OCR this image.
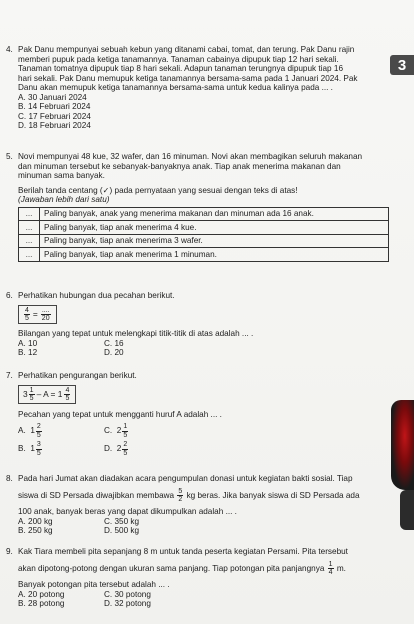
4. Pak Danu mempunyai sebuah kebun yang ditanami cabai, tomat, dan terung. Pak Danu rajin

memberi pupuk pada ketiga tanamannya. Tanaman cabainya dipupuk tiap 12 hari sekali.

Tanaman tomatnya dipupuk tiap 8 hari sekali. Adapun tanaman terungnya dipupuk tiap 16

hari sekali. Pak Danu memupuk ketiga tanamannya bersama-sama pada 1 Januari 2024. Pak

Danu akan memupuk ketiga tanamannya bersama-sama untuk kedua kalinya pada ... .

A. 30 Januari 2024
B. 14 Februari 2024
C. 17 Februari 2024
D. 18 Februari 2024
5. Novi mempunyai 48 kue, 32 wafer, dan 16 minuman. Novi akan membagikan seluruh makanan

dan minuman tersebut ke sebanyak-banyaknya anak. Tiap anak menerima makanan dan

minuman sama banyak.

Berilah tanda centang (✓) pada pernyataan yang sesuai dengan teks di atas!

(Jawaban lebih dari satu)

...	Paling banyak, anak yang menerima makanan dan minuman ada 16 anak.
...	Paling banyak, tiap anak menerima 4 kue.
...	Paling banyak, tiap anak menerima 3 wafer.
...	Paling banyak, tiap anak menerima 1 minuman.
6. Perhatikan hubungan dua pecahan berikut.

$\frac{4}{5} = \frac{....}{20}$

Bilangan yang tepat untuk melengkapi titik-titik di atas adalah ... .

A. 10	C. 16
B. 12	D. 20
7. Perhatikan pengurangan berikut.

$3 \frac{1}{5} - A = 1 \frac{4}{5}$

Pecahan yang tepat untuk mengganti huruf A adalah ... .

A. $1 \frac{2}{5}$	C. $2 \frac{1}{5}$
B. $1 \frac{3}{5}$	D. $2 \frac{2}{5}$
8. Pada hari Jumat akan diadakan acara pengumpulan donasi untuk kegiatan bakti sosial. Tiap

siswa di SD Persada diwajibkan membawa $\frac{5}{2}$ kg beras. Jika banyak siswa di SD Persada ada

100 anak, banyak beras yang dapat dikumpulkan adalah ... .

A. 200 kg	C. 350 kg
B. 250 kg	D. 500 kg
9. Kak Tiara membeli pita sepanjang 8 m untuk tanda peserta kegiatan Persami. Pita tersebut

akan dipotong-potong dengan ukuran sama panjang. Tiap potongan pita panjangnya $\frac{1}{4} m$.

Banyak potongan pita tersebut adalah ... .

A. 20 potong	C. 30 potong
B. 28 potong	D. 32 potong
3
